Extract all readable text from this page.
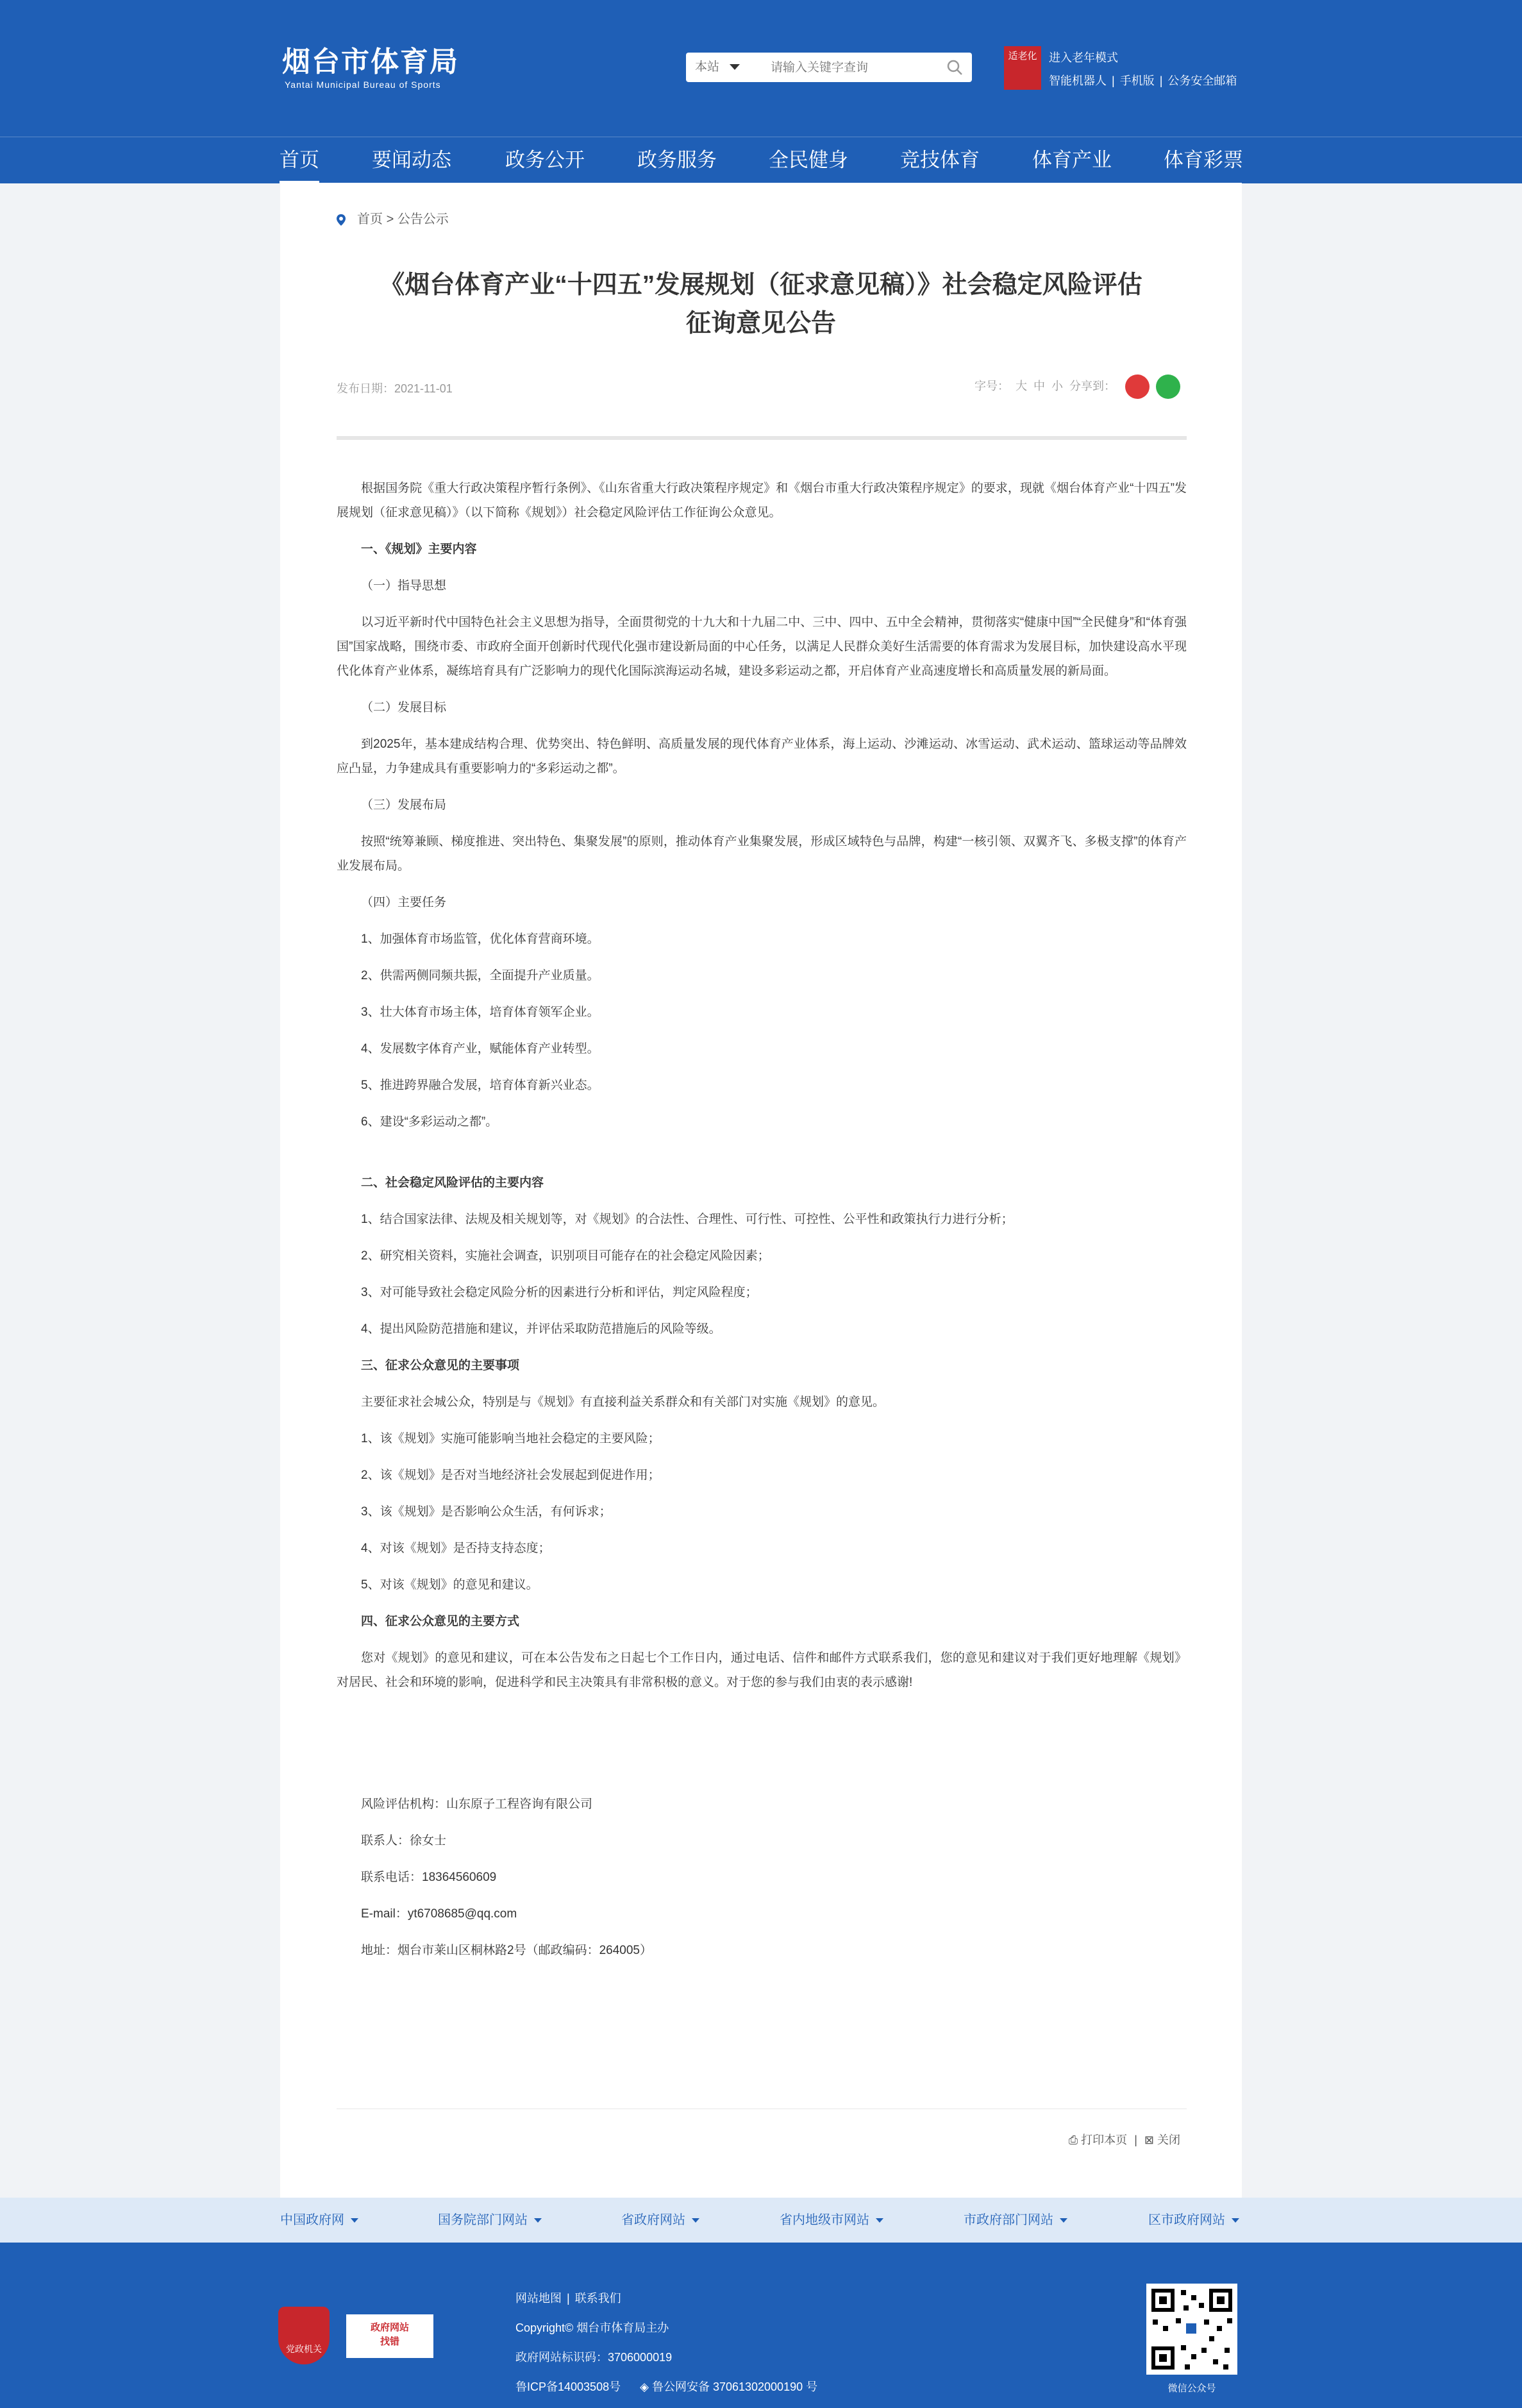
烟台市体育局
Yantai Municipal Bureau of Sports
本站
请输入关键字查询
适老化	进入老年模式
智能机器人 | 手机版 | 公务安全邮箱
首页	要闻动态	政务公开	政务服务	全民健身	竞技体育	体育产业	体育彩票
首页 > 公告公示
《烟台体育产业“十四五”发展规划（征求意见稿）》社会稳定风险评估
征询意见公告
发布日期：2021-11-01	字号： 大 中 小 分享到：

根据国务院《重大行政决策程序暂行条例》、《山东省重大行政决策程序规定》和《烟台市重大行政决策程序规定》的要求，现就《烟台体育产业“十四五”发展规划（征求意见稿）》（以下简称《规划》）社会稳定风险评估工作征询公众意见。

一、《规划》主要内容

（一）指导思想

以习近平新时代中国特色社会主义思想为指导，全面贯彻党的十九大和十九届二中、三中、四中、五中全会精神，贯彻落实“健康中国”“全民健身”和“体育强国”国家战略，围绕市委、市政府全面开创新时代现代化强市建设新局面的中心任务，以满足人民群众美好生活需要的体育需求为发展目标，加快建设高水平现代化体育产业体系，凝练培育具有广泛影响力的现代化国际滨海运动名城，建设多彩运动之都，开启体育产业高速度增长和高质量发展的新局面。

（二）发展目标

到2025年，基本建成结构合理、优势突出、特色鲜明、高质量发展的现代体育产业体系，海上运动、沙滩运动、冰雪运动、武术运动、篮球运动等品牌效应凸显，力争建成具有重要影响力的“多彩运动之都”。

（三）发展布局

按照“统筹兼顾、梯度推进、突出特色、集聚发展”的原则，推动体育产业集聚发展，形成区域特色与品牌，构建“一核引领、双翼齐飞、多极支撑”的体育产业发展布局。

（四）主要任务

1、加强体育市场监管，优化体育营商环境。

2、供需两侧同频共振，全面提升产业质量。

3、壮大体育市场主体，培育体育领军企业。

4、发展数字体育产业，赋能体育产业转型。

5、推进跨界融合发展，培育体育新兴业态。

6、建设“多彩运动之都”。

二、社会稳定风险评估的主要内容

1、结合国家法律、法规及相关规划等，对《规划》的合法性、合理性、可行性、可控性、公平性和政策执行力进行分析；

2、研究相关资料，实施社会调查，识别项目可能存在的社会稳定风险因素；

3、对可能导致社会稳定风险分析的因素进行分析和评估，判定风险程度；

4、提出风险防范措施和建议，并评估采取防范措施后的风险等级。

三、征求公众意见的主要事项

主要征求社会城公众，特别是与《规划》有直接利益关系群众和有关部门对实施《规划》的意见。

1、该《规划》实施可能影响当地社会稳定的主要风险；

2、该《规划》是否对当地经济社会发展起到促进作用；

3、该《规划》是否影响公众生活，有何诉求；

4、对该《规划》是否持支持态度；

5、对该《规划》的意见和建议。

四、征求公众意见的主要方式

您对《规划》的意见和建议，可在本公告发布之日起七个工作日内，通过电话、信件和邮件方式联系我们，您的意见和建议对于我们更好地理解《规划》对居民、社会和环境的影响，促进科学和民主决策具有非常积极的意义。对于您的参与我们由衷的表示感谢!

风险评估机构：山东原子工程咨询有限公司

联系人：徐女士

联系电话：18364560609

E-mail：yt6708685@qq.com

地址：烟台市莱山区桐林路2号（邮政编码：264005）

⎙ 打印本页 | ⊠ 关闭
中国政府网	国务院部门网站	省政府网站	省内地级市网站	市政府部门网站	区市政府网站
党政机关
政府网站
找错
网站地图 | 联系我们
Copyright© 烟台市体育局主办
政府网站标识码：3706000019
鲁ICP备14003508号 ◈ 鲁公网安备 37061302000190 号	微信公众号
